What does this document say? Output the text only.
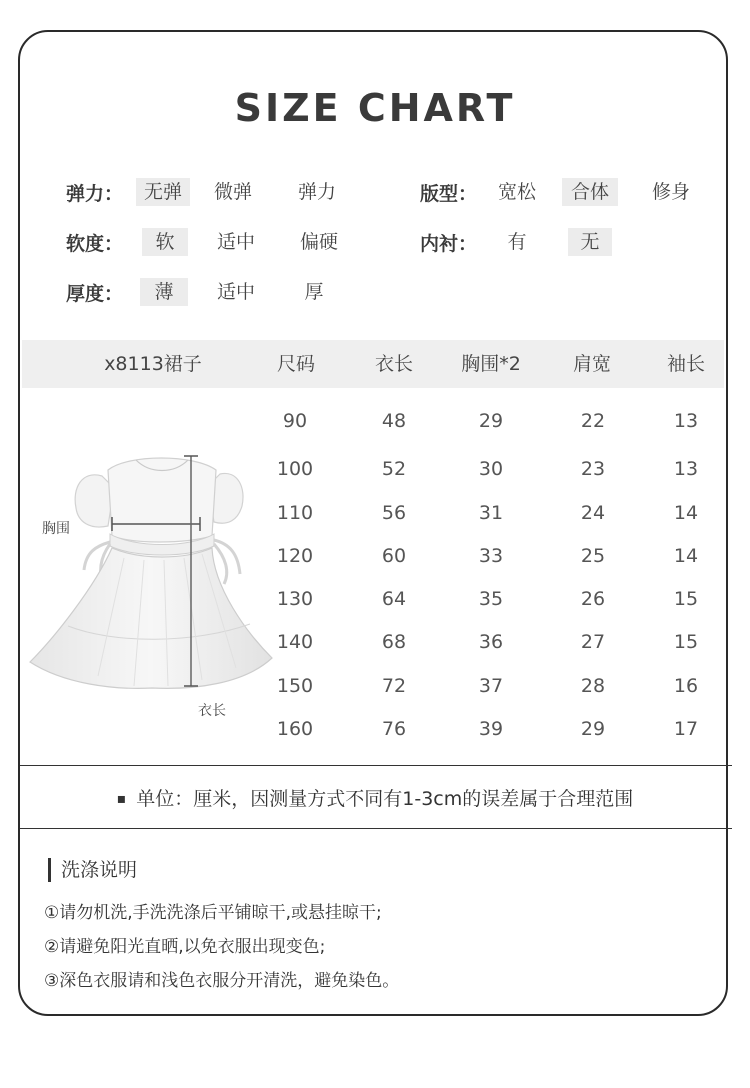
SIZE CHART
弹力：	无弹	微弹	弹力	版型：	宽松	合体	修身
软度：	软	适中	偏硬	内衬：	有	无
厚度：	薄	适中	厚
x8113裙子	尺码	衣长	胸围*2	肩宽	袖长
90	48	29	22	13
100	52	30	23	13
110	56	31	24	14
120	60	33	25	14
130	64	35	26	15
140	68	36	27	15
150	72	37	28	16
160	76	39	29	17
胸围
衣长
▪ 单位：厘米，因测量方式不同有1-3cm的误差属于合理范围
洗涤说明
①请勿机洗,手洗洗涤后平铺晾干,或悬挂晾干;
②请避免阳光直晒,以免衣服出现变色;
③深色衣服请和浅色衣服分开清洗，避免染色。
